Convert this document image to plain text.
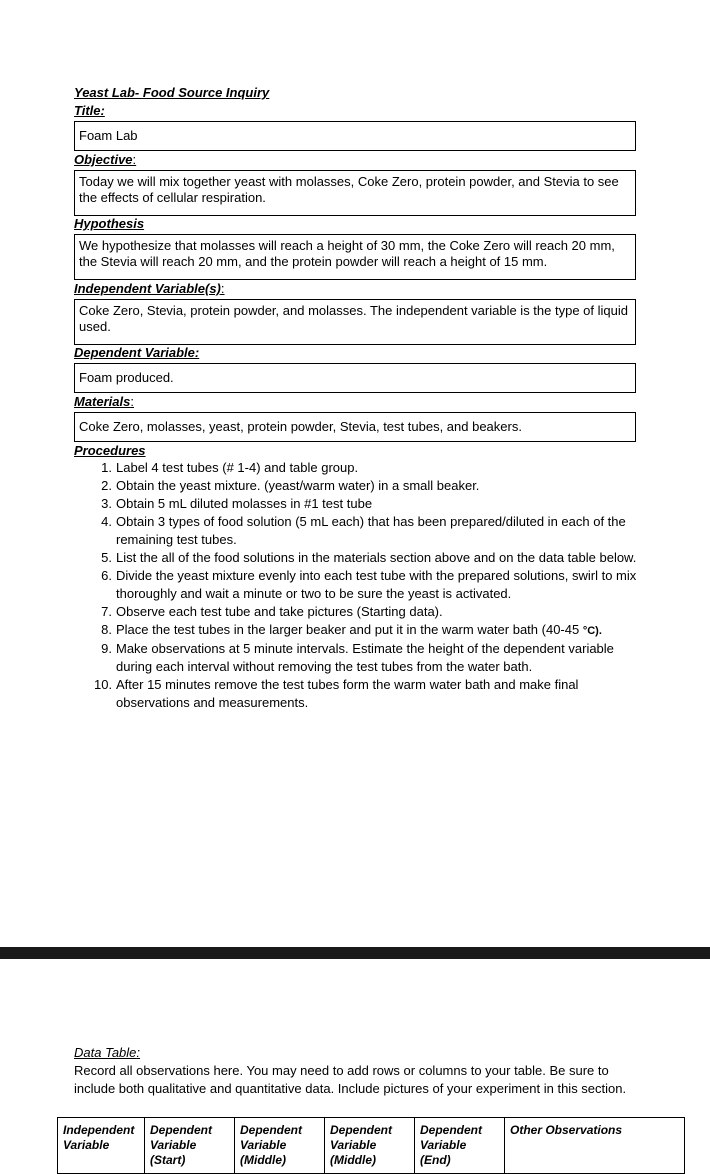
Yeast Lab- Food Source Inquiry
Title:
Foam Lab
Objective:
Today we will mix together yeast with molasses, Coke Zero, protein powder, and Stevia to see the effects of cellular respiration.
Hypothesis
We hypothesize that molasses will reach a height of 30 mm, the Coke Zero will reach 20 mm, the Stevia will reach 20 mm, and the protein powder will reach a height of 15 mm.
Independent Variable(s):
Coke Zero, Stevia, protein powder, and molasses. The independent variable is the type of liquid used.
Dependent Variable:
Foam produced.
Materials:
Coke Zero, molasses, yeast, protein powder, Stevia, test tubes, and beakers.
Procedures
1 . Label 4 test tubes (# 1-4) and table group.
2 . Obtain the yeast mixture. (yeast/warm water) in a small beaker.
3 . Obtain 5 mL diluted molasses in #1 test tube
4 . Obtain 3 types of food solution (5 mL each) that has been prepared/diluted in each of the remaining test tubes.
5 . List the all of the food solutions in the materials section above and on the data table below.
6 . Divide the yeast mixture evenly into each test tube with the prepared solutions, swirl to mix thoroughly and wait a minute or two to be sure the yeast is activated.
7 . Observe each test tube and take pictures (Starting data).
8 . Place the test tubes in the larger beaker and put it in the warm water bath (40-45 °C).
9 . Make observations at 5 minute intervals. Estimate the height of the dependent variable during each interval without removing the test tubes from the water bath.
10 . After 15 minutes remove the test tubes form the warm water bath and make final observations and measurements.
Data Table:
Record all observations here. You may need to add rows or columns to your table. Be sure to include both qualitative and quantitative data. Include pictures of your experiment in this section.
Independent
Variable
	Dependent
Variable
(Start)	Dependent
Variable
(Middle)	Dependent
Variable
(Middle)	Dependent
Variable
(End)	Other Observations
